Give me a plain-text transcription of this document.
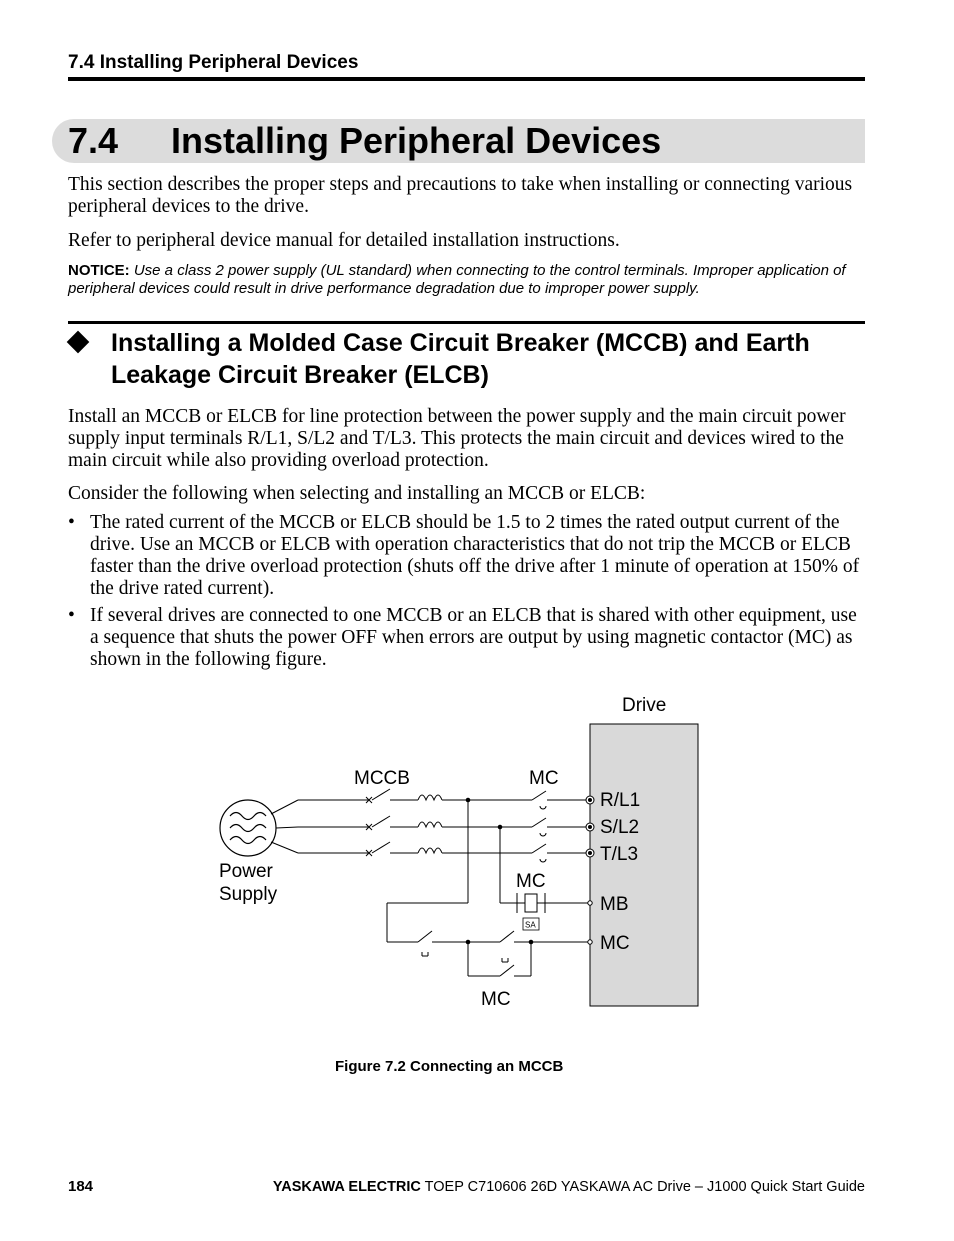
7.4 Installing Peripheral Devices
7.4 Installing Peripheral Devices
This section describes the proper steps and precautions to take when installing or connecting various peripheral devices to the drive.
Refer to peripheral device manual for detailed installation instructions.
NOTICE: Use a class 2 power supply (UL standard) when connecting to the control terminals. Improper application of peripheral devices could result in drive performance degradation due to improper power supply.
Installing a Molded Case Circuit Breaker (MCCB) and Earth Leakage Circuit Breaker (ELCB)
Install an MCCB or ELCB for line protection between the power supply and the main circuit power supply input terminals R/L1, S/L2 and T/L3. This protects the main circuit and devices wired to the main circuit while also providing overload protection.
Consider the following when selecting and installing an MCCB or ELCB:
• The rated current of the MCCB or ELCB should be 1.5 to 2 times the rated output current of the drive. Use an MCCB or ELCB with operation characteristics that do not trip the MCCB or ELCB faster than the drive overload protection (shuts off the drive after 1 minute of operation at 150% of the drive rated current).
• If several drives are connected to one MCCB or an ELCB that is shared with other equipment, use a sequence that shuts the power OFF when errors are output by using magnetic contactor (MC) as shown in the following figure.
Drive
Power
Supply
SA
R/L1
S/L2
T/L3
MB
MC
MCCB	MC
MC
MC
Figure 7.2 Connecting an MCCB
184	YASKAWA ELECTRIC TOEP C710606 26D YASKAWA AC Drive – J1000 Quick Start Guide
